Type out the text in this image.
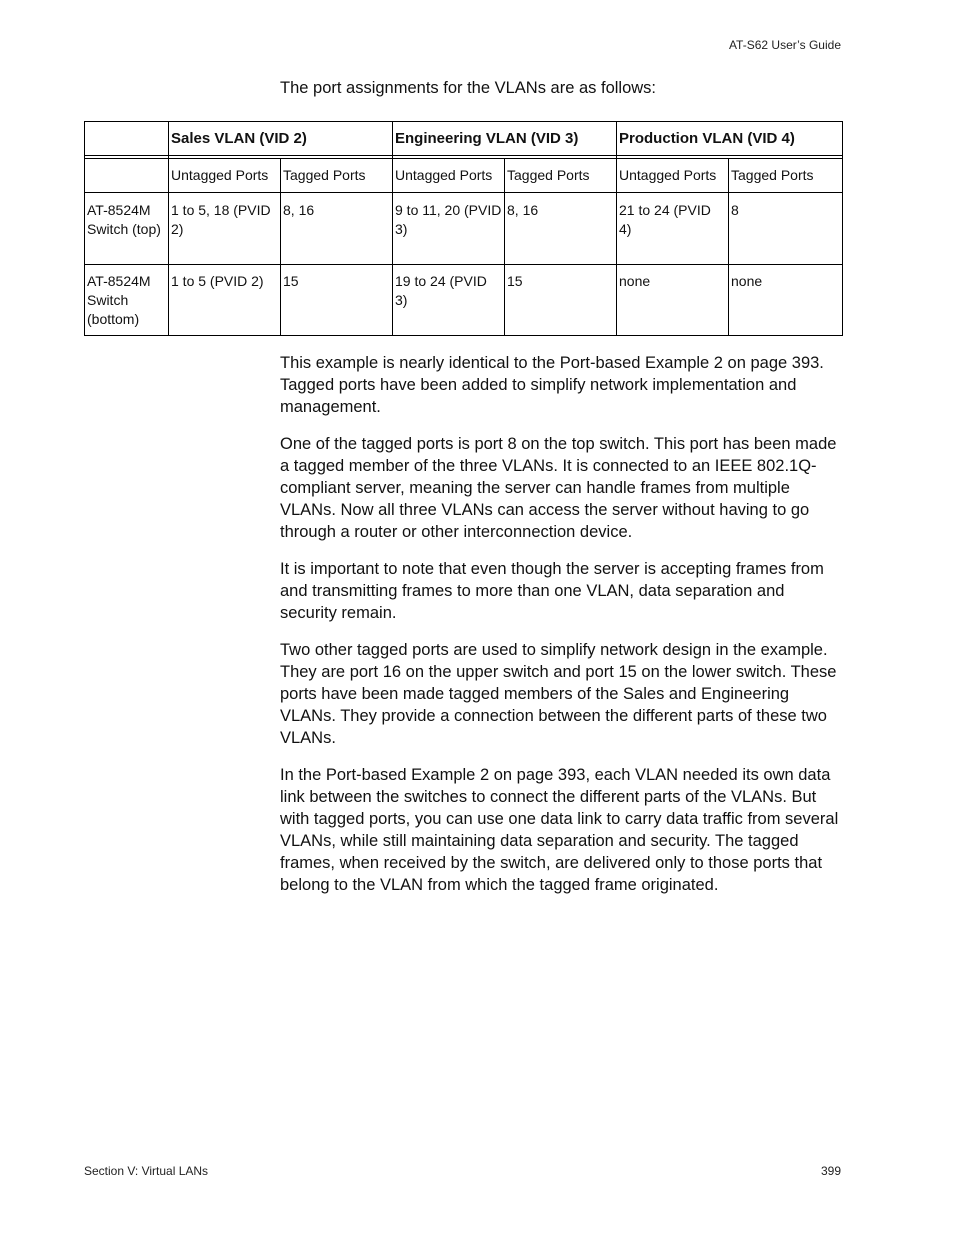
AT-S62 User’s Guide
The port assignments for the VLANs are as follows:
	Sales VLAN (VID 2)		Engineering VLAN (VID 3)		Production VLAN (VID 4)	

	Untagged Ports	Tagged Ports	Untagged Ports	Tagged Ports	Untagged Ports	Tagged Ports
AT-8524M Switch (top)	1 to 5, 18 (PVID 2)	8, 16	9 to 11, 20 (PVID 3)	8, 16	21 to 24 (PVID 4)	8
AT-8524M Switch (bottom)	1 to 5 (PVID 2)	15	19 to 24 (PVID 3)	15	none	none

This example is nearly identical to the Port-based Example 2 on page 393. Tagged ports have been added to simplify network implementation and management.

One of the tagged ports is port 8 on the top switch. This port has been made a tagged member of the three VLANs. It is connected to an IEEE 802.1Q-compliant server, meaning the server can handle frames from multiple VLANs. Now all three VLANs can access the server without having to go through a router or other interconnection device.

It is important to note that even though the server is accepting frames from and transmitting frames to more than one VLAN, data separation and security remain.

Two other tagged ports are used to simplify network design in the example. They are port 16 on the upper switch and port 15 on the lower switch. These ports have been made tagged members of the Sales and Engineering VLANs. They provide a connection between the different parts of these two VLANs.

In the Port-based Example 2 on page 393, each VLAN needed its own data link between the switches to connect the different parts of the VLANs. But with tagged ports, you can use one data link to carry data traffic from several VLANs, while still maintaining data separation and security. The tagged frames, when received by the switch, are delivered only to those ports that belong to the VLAN from which the tagged frame originated.

Section V: Virtual LANs	399
